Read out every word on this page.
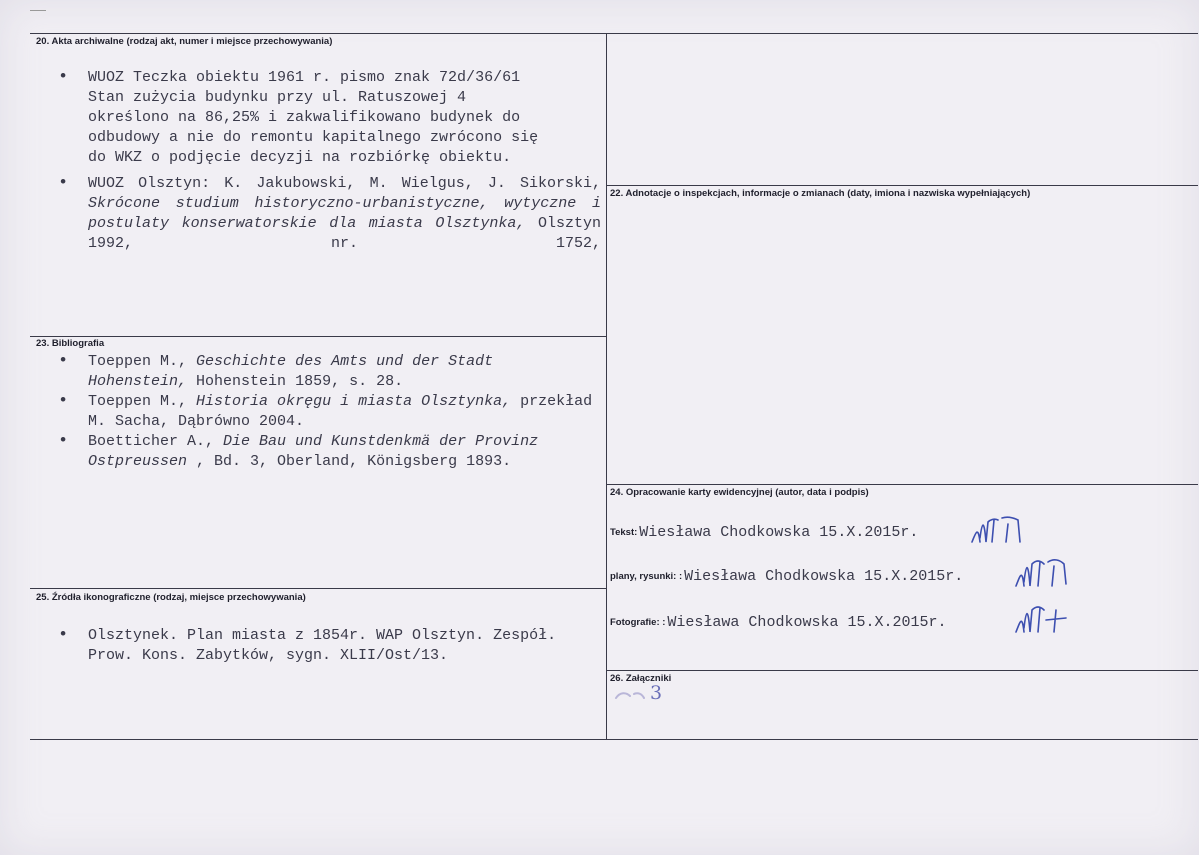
20. Akta archiwalne (rodzaj akt, numer i miejsce przechowywania)
• WUOZ Teczka obiektu 1961 r. pismo znak 72d/36/61 Stan zużycia budynku przy ul. Ratuszowej 4 określono na 86,25% i zakwalifikowano budynek do odbudowy a nie do remontu kapitalnego zwrócono się do WKZ o podjęcie decyzji na rozbiórkę obiektu.
• WUOZ Olsztyn: K. Jakubowski, M. Wielgus, J. Sikorski, Skrócone studium historyczno-urbanistyczne, wytyczne i postulaty konserwatorskie dla miasta Olsztynka, Olsztyn 1992, nr. 1752,
22. Adnotacje o inspekcjach, informacje o zmianach (daty, imiona i nazwiska wypełniających)
23. Bibliografia
• Toeppen M., Geschichte des Amts und der Stadt Hohenstein, Hohenstein 1859, s. 28.
• Toeppen M., Historia okręgu i miasta Olsztynka, przekład M. Sacha, Dąbrówno 2004.
• Boetticher A., Die Bau und Kunstdenkmä der Provinz Ostpreussen , Bd. 3, Oberland, Königsberg 1893.
24. Opracowanie karty ewidencyjnej (autor, data i podpis)
Tekst: Wiesława Chodkowska 15.X.2015r.
plany, rysunki: : Wiesława Chodkowska 15.X.2015r.
Fotografie: : Wiesława Chodkowska 15.X.2015r.
25. Źródła ikonograficzne (rodzaj, miejsce przechowywania)
• Olsztynek. Plan miasta z 1854r. WAP Olsztyn. Zespół. Prow. Kons. Zabytków, sygn. XLII/Ost/13.
26. Załączniki
3
